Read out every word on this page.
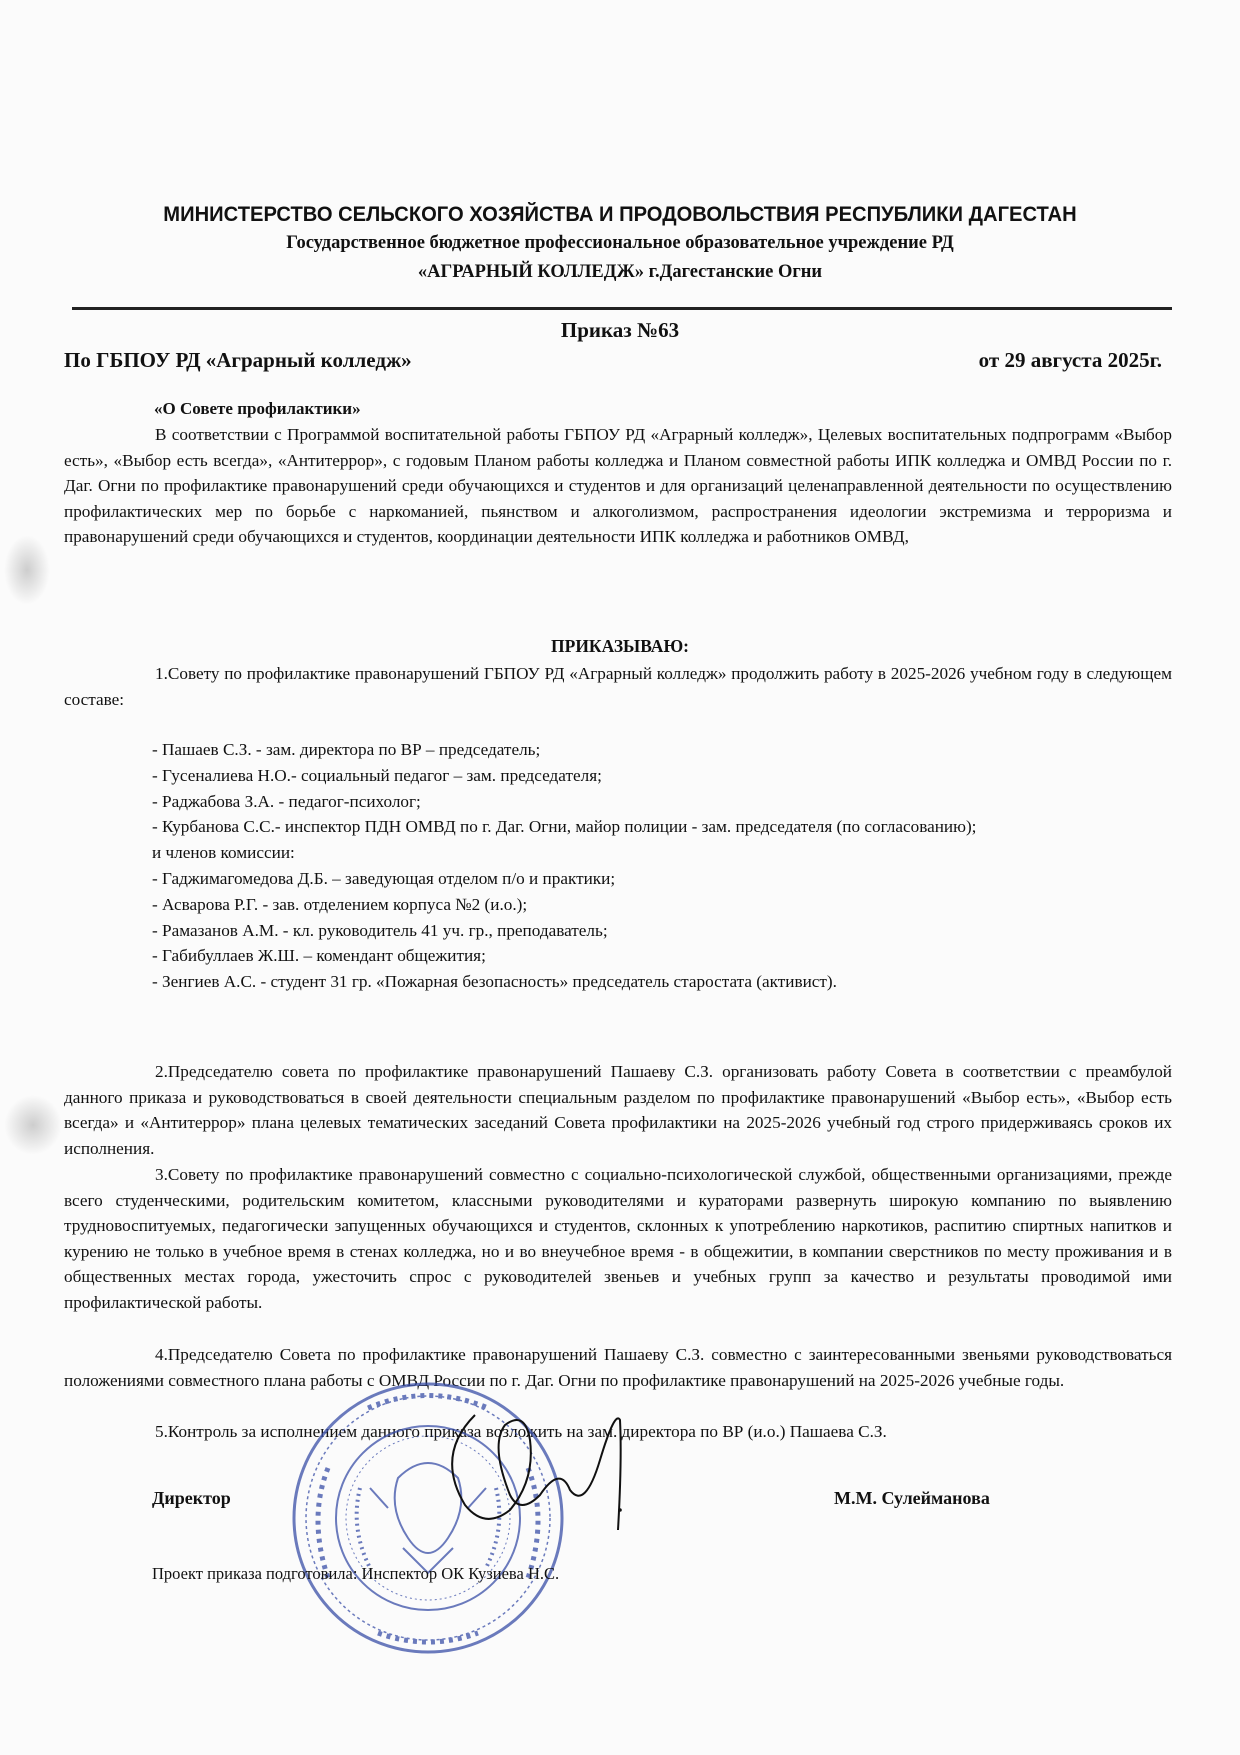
МИНИСТЕРСТВО СЕЛЬСКОГО ХОЗЯЙСТВА И ПРОДОВОЛЬСТВИЯ РЕСПУБЛИКИ ДАГЕСТАН
Государственное бюджетное профессиональное образовательное учреждение РД
«АГРАРНЫЙ КОЛЛЕДЖ» г.Дагестанские Огни
Приказ №63
По ГБПОУ РД «Аграрный колледж»	от 29 августа 2025г.
«О Совете профилактики»
В соответствии с Программой воспитательной работы ГБПОУ РД «Аграрный колледж», Целевых воспитательных подпрограмм «Выбор есть», «Выбор есть всегда», «Антитеррор», с годовым Планом работы колледжа и Планом совместной работы ИПК колледжа и ОМВД России по г. Даг. Огни по профилактике правонарушений среди обучающихся и студентов и для организаций целенаправленной деятельности по осуществлению профилактических мер по борьбе с наркоманией, пьянством и алкоголизмом, распространения идеологии экстремизма и терроризма и правонарушений среди обучающихся и студентов, координации деятельности ИПК колледжа и работников ОМВД,
ПРИКАЗЫВАЮ:
1.Совету по профилактике правонарушений ГБПОУ РД «Аграрный колледж» продолжить работу в 2025-2026 учебном году в следующем составе:
- Пашаев С.З. - зам. директора по ВР – председатель;
- Гусеналиева Н.О.- социальный педагог – зам. председателя;
- Раджабова З.А. - педагог-психолог;
- Курбанова С.С.- инспектор ПДН ОМВД по г. Даг. Огни, майор полиции - зам. председателя (по согласованию);
и членов комиссии:
- Гаджимагомедова Д.Б. – заведующая отделом п/о и практики;
- Асварова Р.Г. - зав. отделением корпуса №2 (и.о.);
- Рамазанов А.М. - кл. руководитель 41 уч. гр., преподаватель;
- Габибуллаев Ж.Ш. – комендант общежития;
- Зенгиев А.С. - студент 31 гр. «Пожарная безопасность» председатель старостата (активист).
2.Председателю совета по профилактике правонарушений Пашаеву С.З. организовать работу Совета в соответствии с преамбулой данного приказа и руководствоваться в своей деятельности специальным разделом по профилактике правонарушений «Выбор есть», «Выбор есть всегда» и «Антитеррор» плана целевых тематических заседаний Совета профилактики на 2025-2026 учебный год строго придерживаясь сроков их исполнения.
3.Совету по профилактике правонарушений совместно с социально-психологической службой, общественными организациями, прежде всего студенческими, родительским комитетом, классными руководителями и кураторами развернуть широкую компанию по выявлению трудновоспитуемых, педагогически запущенных обучающихся и студентов, склонных к употреблению наркотиков, распитию спиртных напитков и курению не только в учебное время в стенах колледжа, но и во внеучебное время - в общежитии, в компании сверстников по месту проживания и в общественных местах города, ужесточить спрос с руководителей звеньев и учебных групп за качество и результаты проводимой ими профилактической работы.
4.Председателю Совета по профилактике правонарушений Пашаеву С.З. совместно с заинтересованными звеньями руководствоваться положениями совместного плана работы с ОМВД России по г. Даг. Огни по профилактике правонарушений на 2025-2026 учебные годы.
5.Контроль за исполнением данного приказа возложить на зам. директора по ВР (и.о.) Пашаева С.З.
Директор	М.М. Сулейманова
Проект приказа подготовила: Инспектор ОК Кузиева Н.С.
